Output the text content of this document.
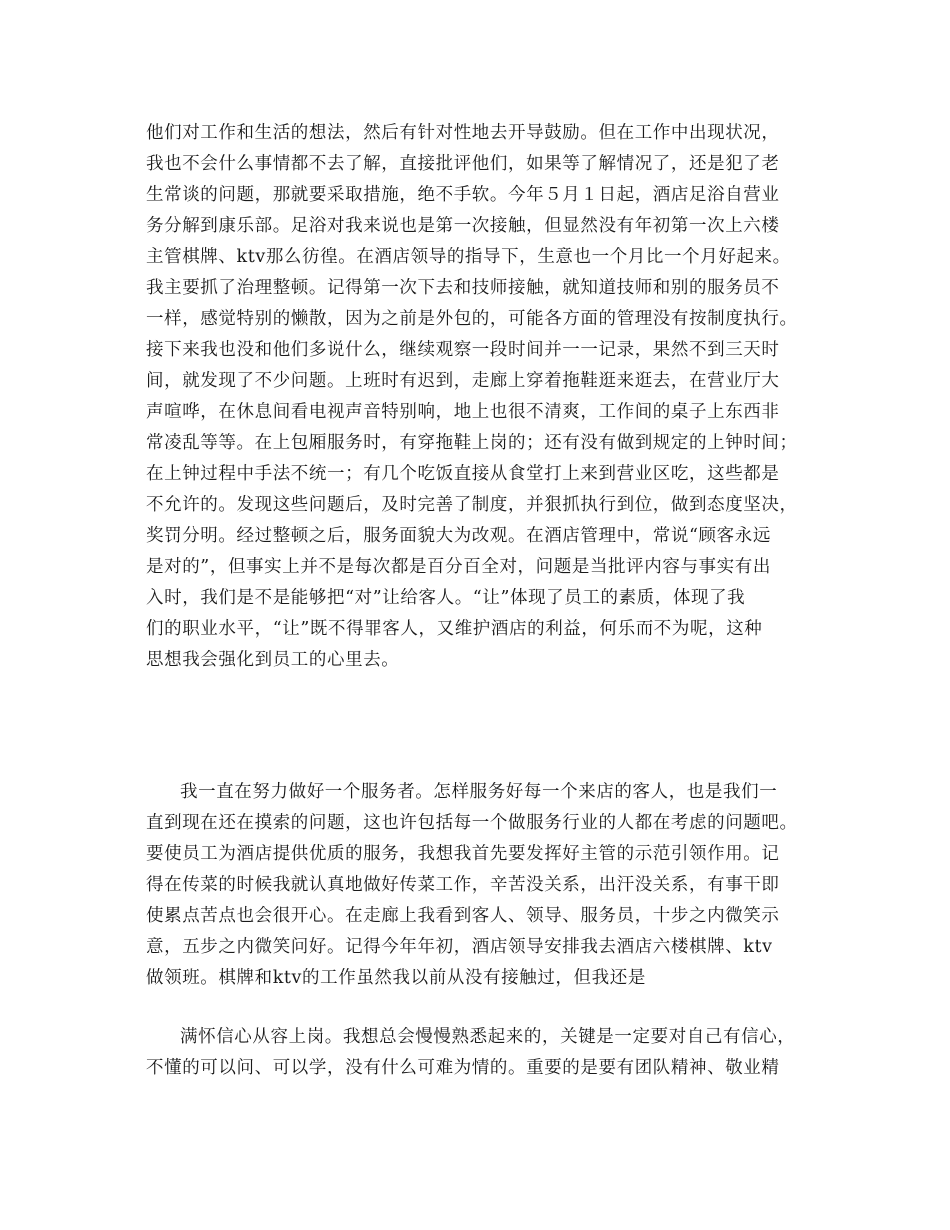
他们对工作和生活的想法，然后有针对性地去开导鼓励。但在工作中出现状况，
我也不会什么事情都不去了解，直接批评他们，如果等了解情况了，还是犯了老
生常谈的问题，那就要采取措施，绝不手软。今年５月１日起，酒店足浴自营业
务分解到康乐部。足浴对我来说也是第一次接触，但显然没有年初第一次上六楼
主管棋牌、ktv那么彷徨。在酒店领导的指导下，生意也一个月比一个月好起来。
我主要抓了治理整顿。记得第一次下去和技师接触，就知道技师和别的服务员不
一样，感觉特别的懒散，因为之前是外包的，可能各方面的管理没有按制度执行。
接下来我也没和他们多说什么，继续观察一段时间并一一记录，果然不到三天时
间，就发现了不少问题。上班时有迟到，走廊上穿着拖鞋逛来逛去，在营业厅大
声喧哗，在休息间看电视声音特别响，地上也很不清爽，工作间的桌子上东西非
常凌乱等等。在上包厢服务时，有穿拖鞋上岗的；还有没有做到规定的上钟时间；
在上钟过程中手法不统一；有几个吃饭直接从食堂打上来到营业区吃，这些都是
不允许的。发现这些问题后，及时完善了制度，并狠抓执行到位，做到态度坚决，
奖罚分明。经过整顿之后，服务面貌大为改观。在酒店管理中，常说“顾客永远
是对的”，但事实上并不是每次都是百分百全对，问题是当批评内容与事实有出
入时，我们是不是能够把“对”让给客人。“让”体现了员工的素质，体现了我
们的职业水平，“让”既不得罪客人，又维护酒店的利益，何乐而不为呢，这种
思想我会强化到员工的心里去。
我一直在努力做好一个服务者。怎样服务好每一个来店的客人，也是我们一
直到现在还在摸索的问题，这也许包括每一个做服务行业的人都在考虑的问题吧。
要使员工为酒店提供优质的服务，我想我首先要发挥好主管的示范引领作用。记
得在传菜的时候我就认真地做好传菜工作，辛苦没关系，出汗没关系，有事干即
使累点苦点也会很开心。在走廊上我看到客人、领导、服务员，十步之内微笑示
意，五步之内微笑问好。记得今年年初，酒店领导安排我去酒店六楼棋牌、ktv
做领班。棋牌和ktv的工作虽然我以前从没有接触过，但我还是
满怀信心从容上岗。我想总会慢慢熟悉起来的，关键是一定要对自己有信心，
不懂的可以问、可以学，没有什么可难为情的。重要的是要有团队精神、敬业精
